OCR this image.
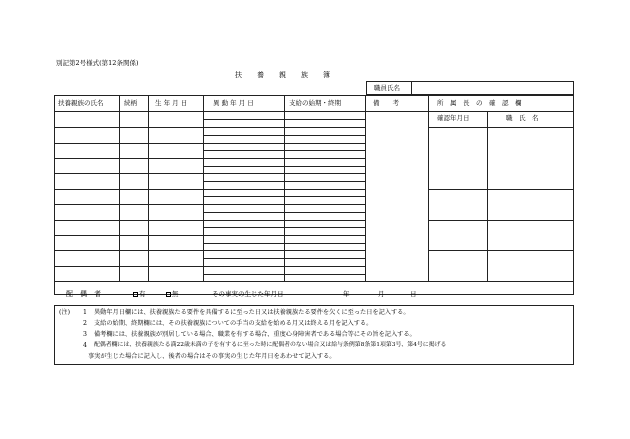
別記第2号様式(第12条関係)
扶　養　親　族　簿
職員氏名
扶養親族の氏名	続柄	生 年 月 日	異 動 年 月 日	支給の始期・終期	備　　考	所　属　長　の　確　認　欄
確認年月日	職　氏　名
配　偶　者	有	無	その事実の生じた年月日	年	月	日
(注) 1 異動年月日欄には、扶養親族たる要件を具備するに至った日又は扶養親族たる要件を欠くに至った日を記入する。
2 支給の始期、終期欄には、その扶養親族についての手当の支給を始める月又は終える月を記入する。
3 備考欄には、扶養親族が別居している場合、職業を有する場合、重度心身障害者である場合等にその旨を記入する。
4 配偶者欄には、扶養親族たる満22歳未満の子を有するに至った時に配偶者のない場合又は給与条例第8条第1項第3号、第4号に掲げる
事実が生じた場合に記入し、後者の場合はその事実の生じた年月日をあわせて記入する。
